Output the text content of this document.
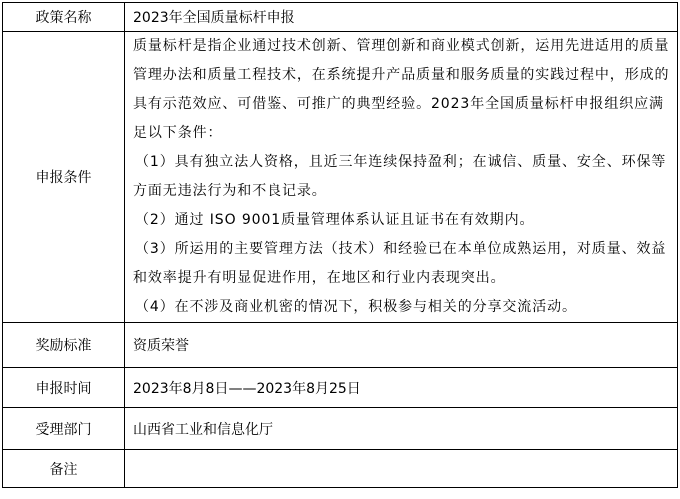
政策名称	2023年全国质量标杆申报
申报条件	质量标杆是指企业通过技术创新、管理创新和商业模式创新，运用先进适用的质量管理办法和质量工程技术，在系统提升产品质量和服务质量的实践过程中，形成的具有示范效应、可借鉴、可推广的典型经验。2023年全国质量标杆申报组织应满足以下条件：

（1）具有独立法人资格，且近三年连续保持盈利；在诚信、质量、安全、环保等方面无违法行为和不良记录。

（2）通过 ISO 9001质量管理体系认证且证书在有效期内。

（3）所运用的主要管理方法（技术）和经验已在本单位成熟运用，对质量、效益和效率提升有明显促进作用，在地区和行业内表现突出。

（4）在不涉及商业机密的情况下，积极参与相关的分享交流活动。

奖励标准	资质荣誉
申报时间	2023年8月8日——2023年8月25日
受理部门	山西省工业和信息化厅
备注	
